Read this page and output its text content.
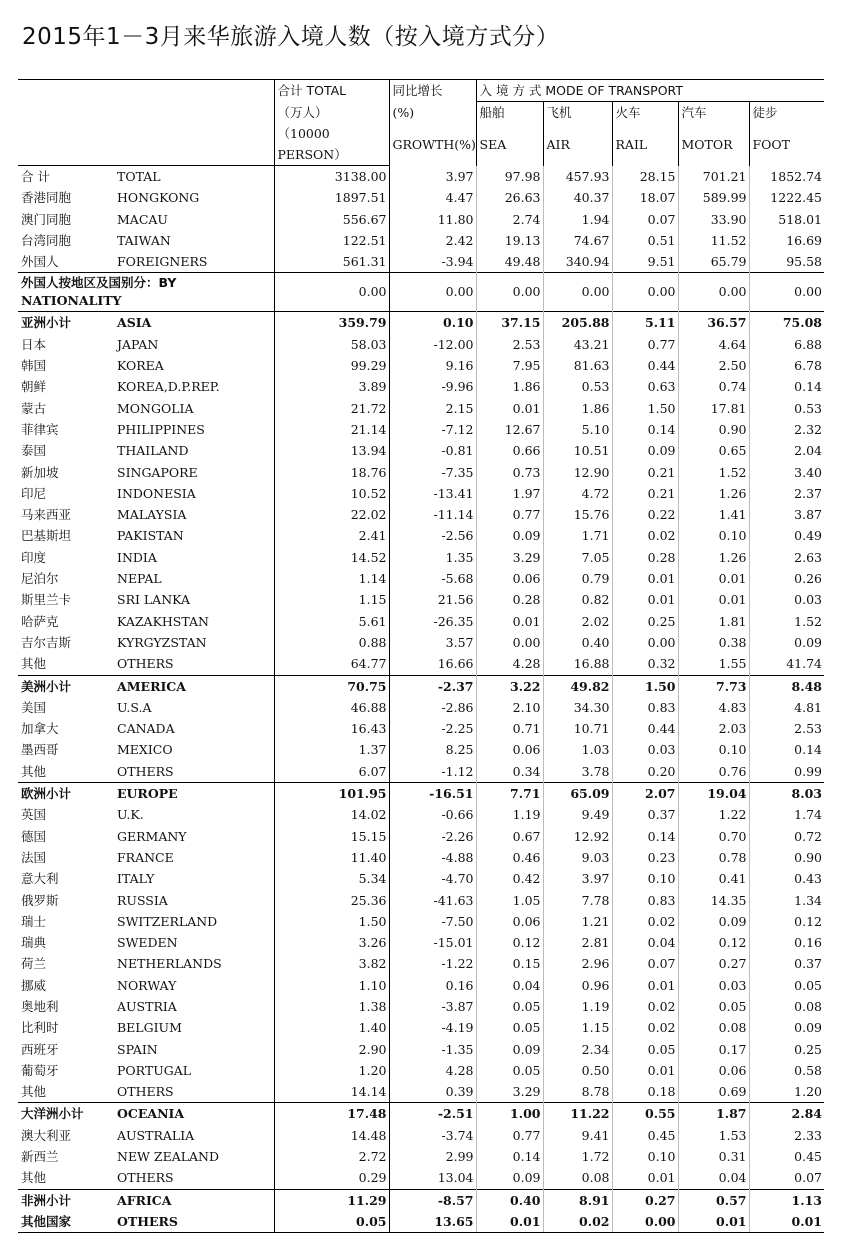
2015年1－3月来华旅游入境人数（按入境方式分）
		合计 TOTAL	同比增长	入 境 方 式 MODE OF TRANSPORT				
		（万人）	(%)	船舶	飞机	火车	汽车	徒步
		（10000	GROWTH(%)	SEA	AIR	RAIL	MOTOR	FOOT
		PERSON）						
合 计	TOTAL	3138.00	3.97	97.98	457.93	28.15	701.21	1852.74
香港同胞	HONGKONG	1897.51	4.47	26.63	40.37	18.07	589.99	1222.45
澳门同胞	MACAU	556.67	11.80	2.74	1.94	0.07	33.90	518.01
台湾同胞	TAIWAN	122.51	2.42	19.13	74.67	0.51	11.52	16.69
外国人	FOREIGNERS	561.31	-3.94	49.48	340.94	9.51	65.79	95.58

外国人按地区及国别分：BY
NATIONALITY		0.00	0.00	0.00	0.00	0.00	0.00	0.00
亚洲小计	ASIA	359.79	0.10	37.15	205.88	5.11	36.57	75.08
日本	JAPAN	58.03	-12.00	2.53	43.21	0.77	4.64	6.88
韩国	KOREA	99.29	9.16	7.95	81.63	0.44	2.50	6.78
朝鲜	KOREA,D.P.REP.	3.89	-9.96	1.86	0.53	0.63	0.74	0.14
蒙古	MONGOLIA	21.72	2.15	0.01	1.86	1.50	17.81	0.53
菲律宾	PHILIPPINES	21.14	-7.12	12.67	5.10	0.14	0.90	2.32
泰国	THAILAND	13.94	-0.81	0.66	10.51	0.09	0.65	2.04
新加坡	SINGAPORE	18.76	-7.35	0.73	12.90	0.21	1.52	3.40
印尼	INDONESIA	10.52	-13.41	1.97	4.72	0.21	1.26	2.37
马来西亚	MALAYSIA	22.02	-11.14	0.77	15.76	0.22	1.41	3.87
巴基斯坦	PAKISTAN	2.41	-2.56	0.09	1.71	0.02	0.10	0.49
印度	INDIA	14.52	1.35	3.29	7.05	0.28	1.26	2.63
尼泊尔	NEPAL	1.14	-5.68	0.06	0.79	0.01	0.01	0.26
斯里兰卡	SRI LANKA	1.15	21.56	0.28	0.82	0.01	0.01	0.03
哈萨克	KAZAKHSTAN	5.61	-26.35	0.01	2.02	0.25	1.81	1.52
吉尔吉斯	KYRGYZSTAN	0.88	3.57	0.00	0.40	0.00	0.38	0.09
其他	OTHERS	64.77	16.66	4.28	16.88	0.32	1.55	41.74
美洲小计	AMERICA	70.75	-2.37	3.22	49.82	1.50	7.73	8.48
美国	U.S.A	46.88	-2.86	2.10	34.30	0.83	4.83	4.81
加拿大	CANADA	16.43	-2.25	0.71	10.71	0.44	2.03	2.53
墨西哥	MEXICO	1.37	8.25	0.06	1.03	0.03	0.10	0.14
其他	OTHERS	6.07	-1.12	0.34	3.78	0.20	0.76	0.99
欧洲小计	EUROPE	101.95	-16.51	7.71	65.09	2.07	19.04	8.03
英国	U.K.	14.02	-0.66	1.19	9.49	0.37	1.22	1.74
德国	GERMANY	15.15	-2.26	0.67	12.92	0.14	0.70	0.72
法国	FRANCE	11.40	-4.88	0.46	9.03	0.23	0.78	0.90
意大利	ITALY	5.34	-4.70	0.42	3.97	0.10	0.41	0.43
俄罗斯	RUSSIA	25.36	-41.63	1.05	7.78	0.83	14.35	1.34
瑞士	SWITZERLAND	1.50	-7.50	0.06	1.21	0.02	0.09	0.12
瑞典	SWEDEN	3.26	-15.01	0.12	2.81	0.04	0.12	0.16
荷兰	NETHERLANDS	3.82	-1.22	0.15	2.96	0.07	0.27	0.37
挪威	NORWAY	1.10	0.16	0.04	0.96	0.01	0.03	0.05
奥地利	AUSTRIA	1.38	-3.87	0.05	1.19	0.02	0.05	0.08
比利时	BELGIUM	1.40	-4.19	0.05	1.15	0.02	0.08	0.09
西班牙	SPAIN	2.90	-1.35	0.09	2.34	0.05	0.17	0.25
葡萄牙	PORTUGAL	1.20	4.28	0.05	0.50	0.01	0.06	0.58
其他	OTHERS	14.14	0.39	3.29	8.78	0.18	0.69	1.20
大洋洲小计	OCEANIA	17.48	-2.51	1.00	11.22	0.55	1.87	2.84
澳大利亚	AUSTRALIA	14.48	-3.74	0.77	9.41	0.45	1.53	2.33
新西兰	NEW ZEALAND	2.72	2.99	0.14	1.72	0.10	0.31	0.45
其他	OTHERS	0.29	13.04	0.09	0.08	0.01	0.04	0.07
非洲小计	AFRICA	11.29	-8.57	0.40	8.91	0.27	0.57	1.13
其他国家	OTHERS	0.05	13.65	0.01	0.02	0.00	0.01	0.01
